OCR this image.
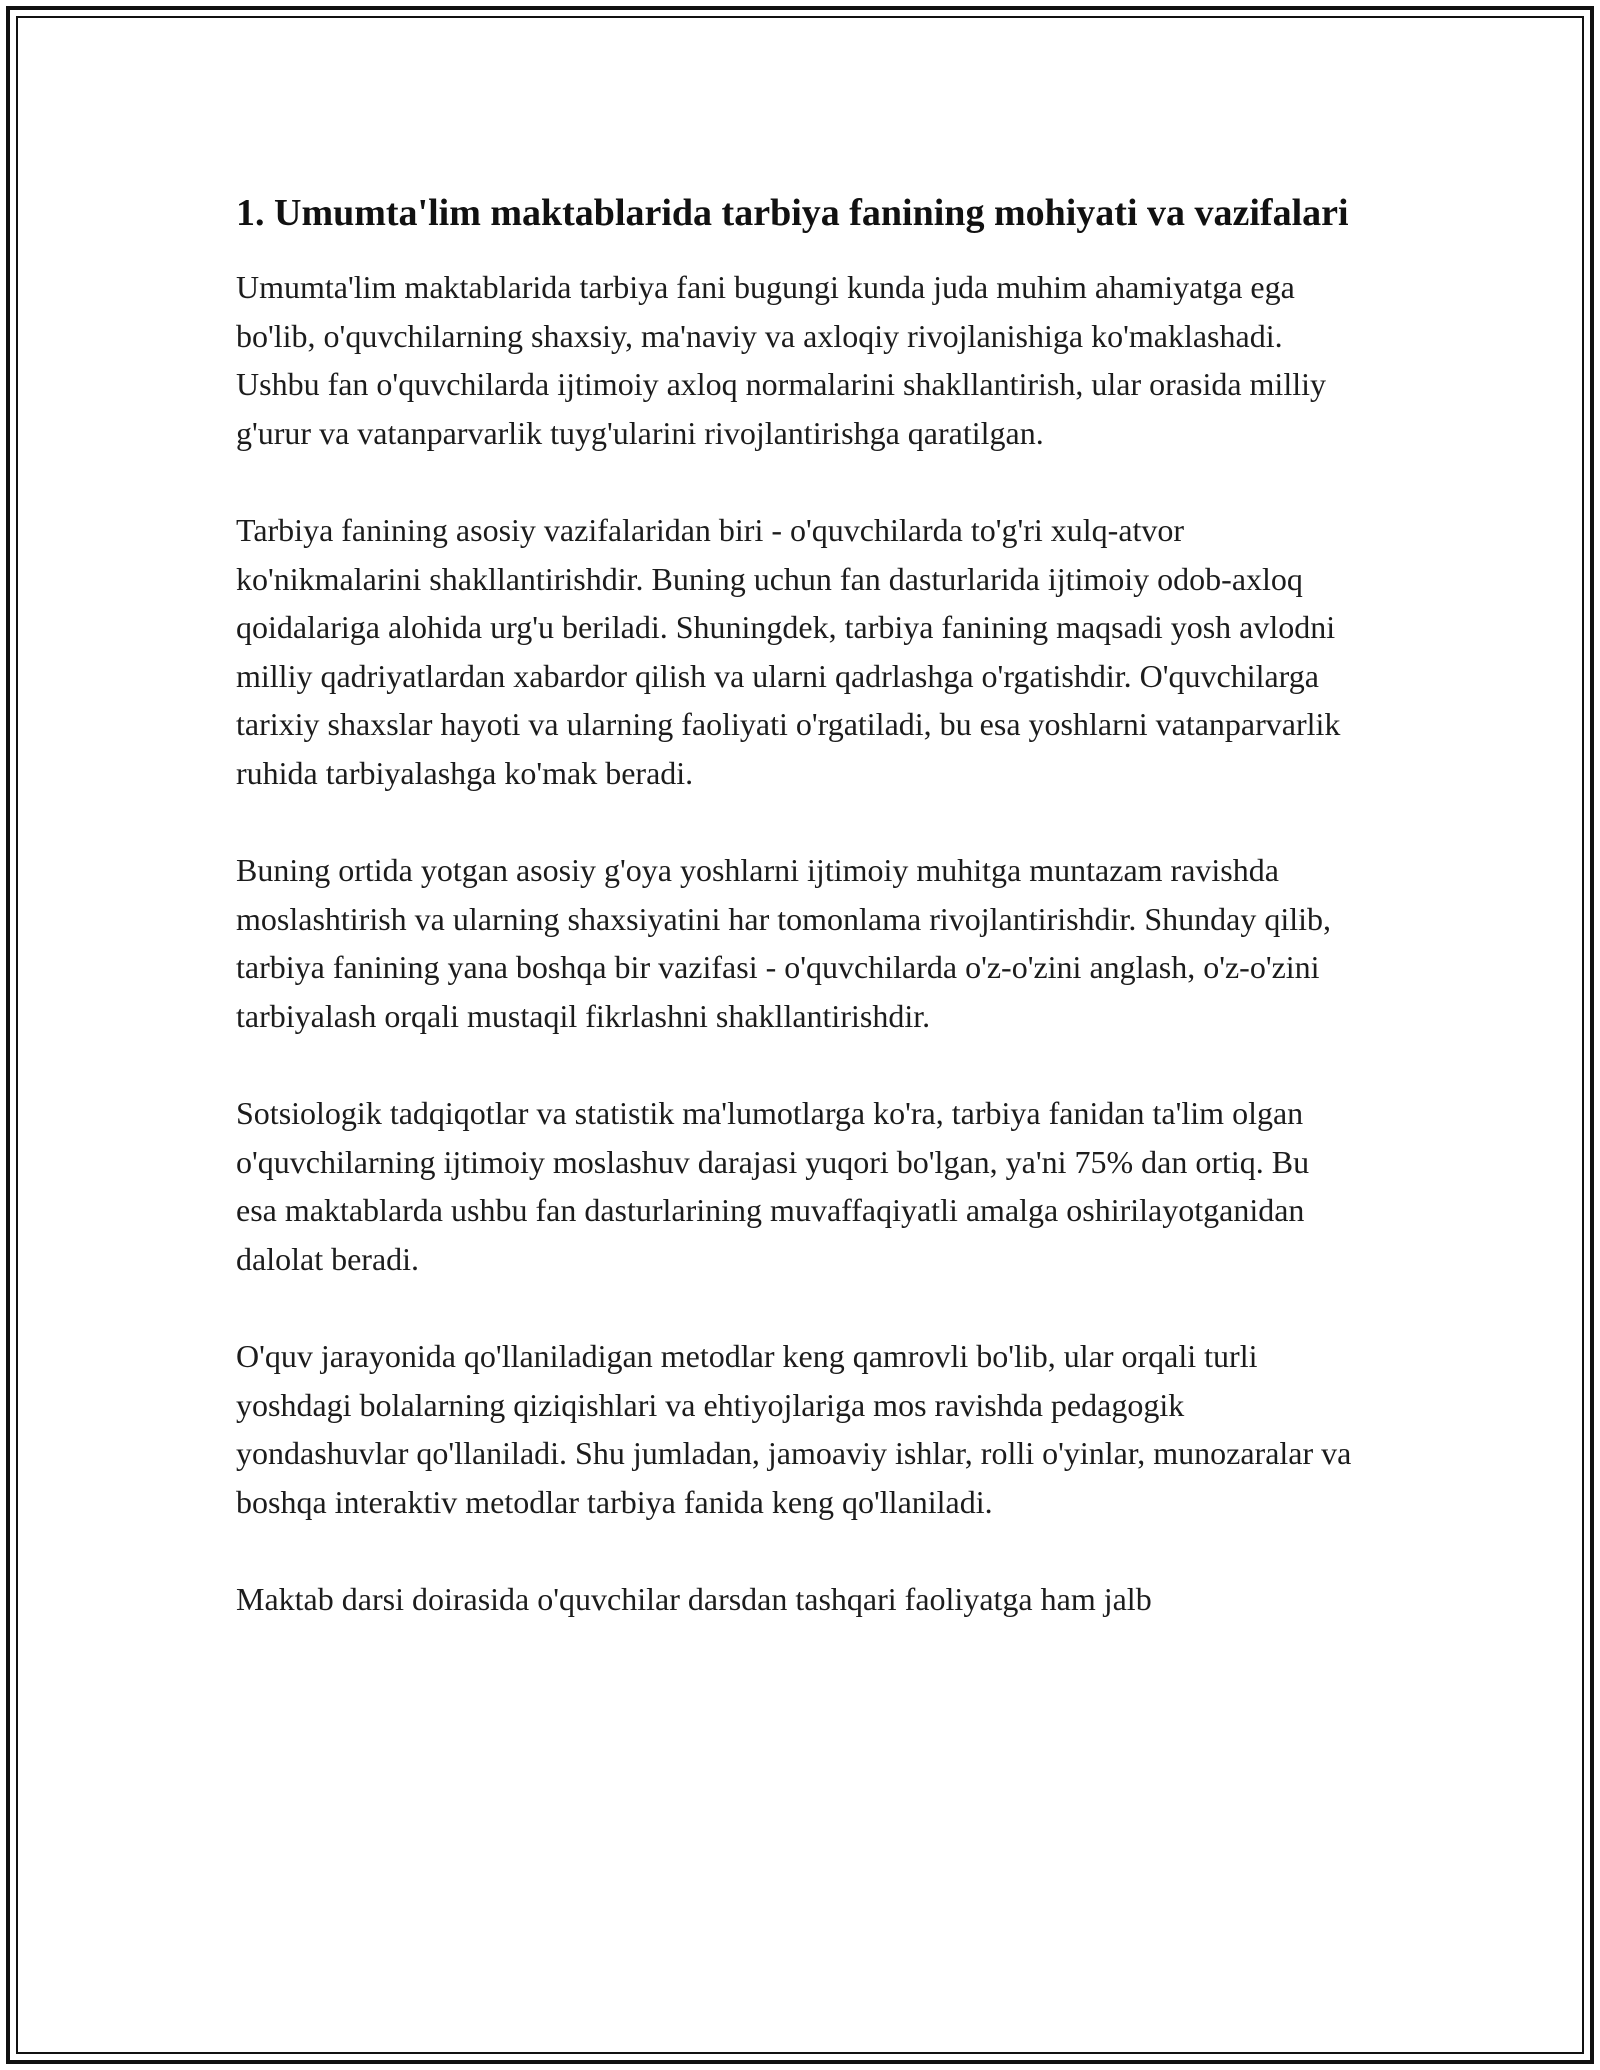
1. Umumta'lim maktablarida tarbiya fanining mohiyati va vazifalari

Umumta'lim maktablarida tarbiya fani bugungi kunda juda muhim ahamiyatga ega bo'lib, o'quvchilarning shaxsiy, ma'naviy va axloqiy rivojlanishiga ko'maklashadi. Ushbu fan o'quvchilarda ijtimoiy axloq normalarini shakllantirish, ular orasida milliy g'urur va vatanparvarlik tuyg'ularini rivojlantirishga qaratilgan.

Tarbiya fanining asosiy vazifalaridan biri - o'quvchilarda to'g'ri xulq-atvor ko'nikmalarini shakllantirishdir. Buning uchun fan dasturlarida ijtimoiy odob-axloq qoidalariga alohida urg'u beriladi. Shuningdek, tarbiya fanining maqsadi yosh avlodni milliy qadriyatlardan xabardor qilish va ularni qadrlashga o'rgatishdir. O'quvchilarga tarixiy shaxslar hayoti va ularning faoliyati o'rgatiladi, bu esa yoshlarni vatanparvarlik ruhida tarbiyalashga ko'mak beradi.

Buning ortida yotgan asosiy g'oya yoshlarni ijtimoiy muhitga muntazam ravishda moslashtirish va ularning shaxsiyatini har tomonlama rivojlantirishdir. Shunday qilib, tarbiya fanining yana boshqa bir vazifasi - o'quvchilarda o'z-o'zini anglash, o'z-o'zini tarbiyalash orqali mustaqil fikrlashni shakllantirishdir.

Sotsiologik tadqiqotlar va statistik ma'lumotlarga ko'ra, tarbiya fanidan ta'lim olgan o'quvchilarning ijtimoiy moslashuv darajasi yuqori bo'lgan, ya'ni 75% dan ortiq. Bu esa maktablarda ushbu fan dasturlarining muvaffaqiyatli amalga oshirilayotganidan dalolat beradi.

O'quv jarayonida qo'llaniladigan metodlar keng qamrovli bo'lib, ular orqali turli yoshdagi bolalarning qiziqishlari va ehtiyojlariga mos ravishda pedagogik yondashuvlar qo'llaniladi. Shu jumladan, jamoaviy ishlar, rolli o'yinlar, munozaralar va boshqa interaktiv metodlar tarbiya fanida keng qo'llaniladi.

Maktab darsi doirasida o'quvchilar darsdan tashqari faoliyatga ham jalb
